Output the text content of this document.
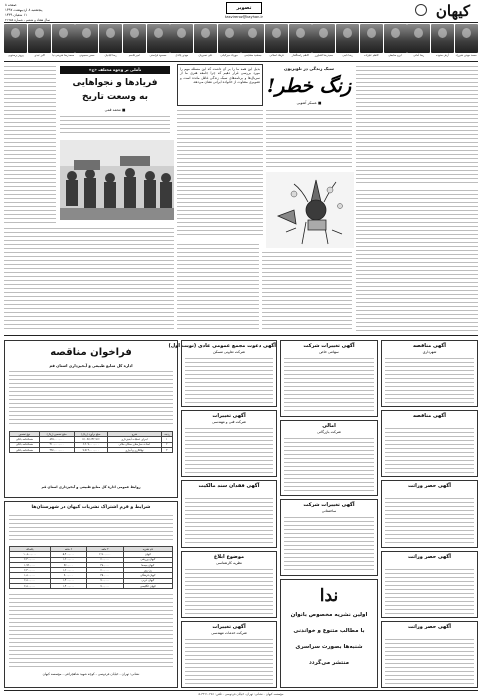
کیهان
تصویر
tasvireroz@kayhan.ir
صفحه ۸
پنجشنبه ۸ اردیبهشت ۱۳۹۷
۱۱ شعبان ۱۴۳۹
سال هفتاد و ششم - شماره ۲۱۹۵۸
محمد مهدی شیرزاد
آرش ستوده
رضا آمانی
ایرج ضابطی
کاظم علیزاده
رضا ناجی
حمیدرضا کشاورز
کاظم راستگفتار
فرهاد اصلانی
جمشید مشایخی
مهرداد میرکیانی
علی نصیریان
مهدی پاکدل
مسعود فراستی
امیر قاسم
رضا کیانیان
حسن معجونی
محمدرضا شریفی نیا
اکبر عبدی
پرویز پرستویی
سبک زندگی در تلویزیون
زنگ خطر!
■ عسکر آشوبی
بدیل این همه ما را بر آن داشت که این مسئله مهم را مورد بررسی قرار دهیم که چرا جامعه هنری ما از سریال‌ها و برنامه‌های سبک زندگی غافل مانده است و تصویری متفاوت از خانواده ایرانی نشان می‌دهد.
تأملی بر وجوه مختلف «چ»
فریادها و نجواهایی
به وسعت تاریخ
■ محمد قمی
فراخوان مناقصه
اداره کل منابع طبیعی و آبخیزداری استان قم
ردیف	شرح	مبلغ برآورد (ریال)	مبلغ تضمین (ریال)	نوع تضمین
۱	اجرای عملیات آبخیزداری	۱۷,۰۹۷,۶۴۲,۷۱۶	۸۳۸,۰۰۰,۰۰۰	ضمانتنامه بانکی
۲	احداث سازه‌های سنگی ملاتی	۶,۲۰۹,۰۰۰,۰۰۰	۳۱۰,۰۰۰,۰۰۰	ضمانتنامه بانکی
۳	نهالکاری و آبیاری	۹,۹۱۴,۰۰۰,۰۰۰	۴۹۶,۰۰۰,۰۰۰	ضمانتنامه بانکی
روابط عمومی اداره کل منابع طبیعی و آبخیزداری استان قم
شرایط و فرم اشتراک نشریات کیهان در شهرستان‌ها
نام نشریه	۳ ماهه	۶ ماهه	یکساله
کیهان	۲,۷۰۰,۰۰۰	۵,۴۰۰,۰۰۰	۱۰,۸۰۰,۰۰۰
کیهان ورزشی	۶۰۰,۰۰۰	۱,۲۰۰,۰۰۰	۲,۴۰۰,۰۰۰
کیهان بچه‌ها	۴۸۰,۰۰۰	۹۶۰,۰۰۰	۱,۹۲۰,۰۰۰
زن روز	۶۰۰,۰۰۰	۱,۲۰۰,۰۰۰	۲,۴۰۰,۰۰۰
کیهان فرهنگی	۴۵۰,۰۰۰	۹۰۰,۰۰۰	۱,۸۰۰,۰۰۰
کیهان عربی	۷۰۰,۰۰۰	۱,۴۰۰,۰۰۰	۲,۸۰۰,۰۰۰
کیهان انگلیسی	۷۰۰,۰۰۰	۱,۴۰۰,۰۰۰	۲,۸۰۰,۰۰۰
نشانی: تهران - خیابان فردوسی - کوچه شهید شاهچراغی - مؤسسه کیهان
آگهی دعوت مجمع عمومی عادی (نوبت اول)
شرکت تعاونی مسکن
آگهی تغییرات
شرکت فنی و مهندسی
آگهی فقدان سند مالکیت
موضوع ابلاغ
نظریه کارشناسی
آگهی تغییرات
شرکت خدمات مهندسی
آگهی تغییرات شرکت
سهامی خاص
امالی
شرکت بازرگانی
آگهی تغییرات شرکت
ساختمانی
ندا
اولین نشریه مخصوص بانوان
با مطالب متنوع و خواندنی
شنبه‌ها بصورت سراسری
منتشر می‌گردد
آگهی مناقصه
شهرداری
آگهی مناقصه
آگهی حصر وراثت
آگهی حصر وراثت
آگهی حصر وراثت
مؤسسه کیهان - نشانی: تهران، خیابان فردوسی - تلفن: ۳۳۱۱۰۲۵۱-۵
